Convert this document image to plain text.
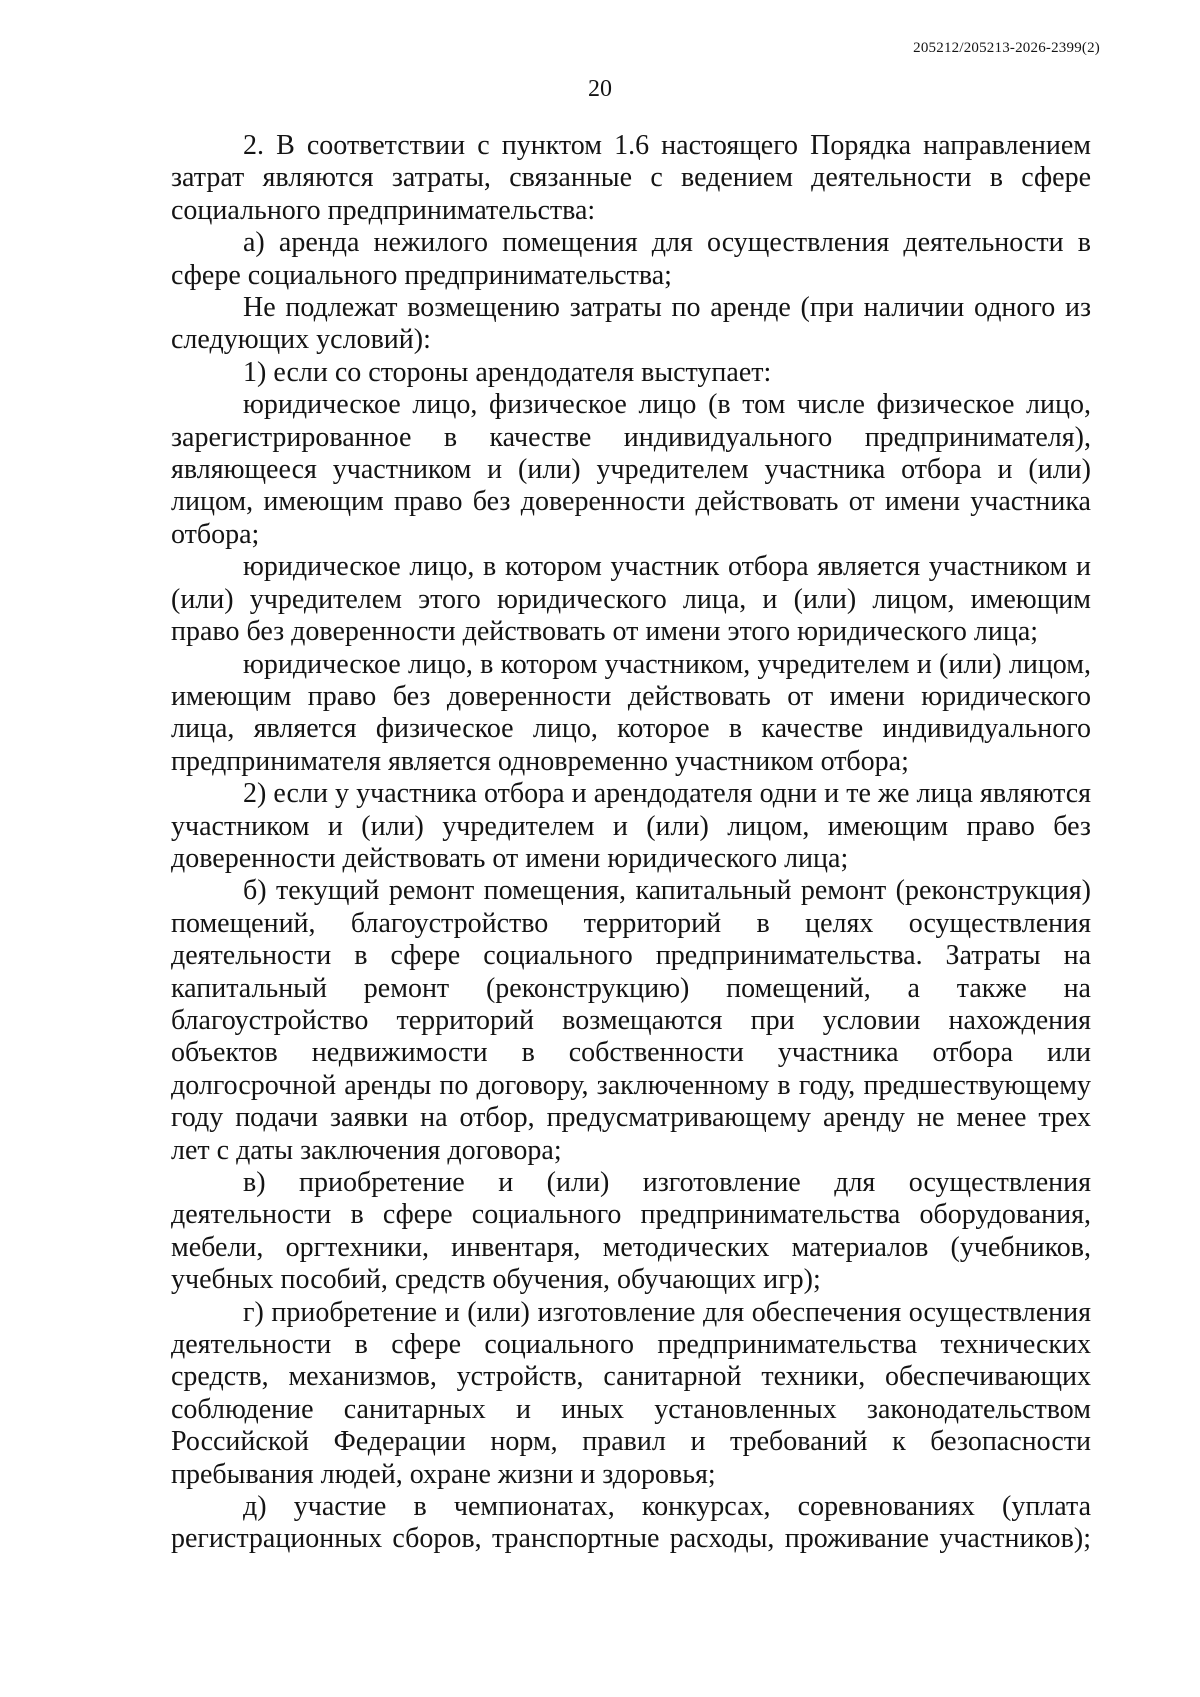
205212/205213-2026-2399(2)
20

2. В соответствии с пунктом 1.6 настоящего Порядка направлением затрат являются затраты, связанные с ведением деятельности в сфере социального предпринимательства:

а) аренда нежилого помещения для осуществления деятельности в сфере социального предпринимательства;

Не подлежат возмещению затраты по аренде (при наличии одного из следующих условий):

1) если со стороны арендодателя выступает:

юридическое лицо, физическое лицо (в том числе физическое лицо, зарегистрированное в качестве индивидуального предпринимателя), являющееся участником и (или) учредителем участника отбора и (или) лицом, имеющим право без доверенности действовать от имени участника отбора;

юридическое лицо, в котором участник отбора является участником и (или) учредителем этого юридического лица, и (или) лицом, имеющим право без доверенности действовать от имени этого юридического лица;

юридическое лицо, в котором участником, учредителем и (или) лицом, имеющим право без доверенности действовать от имени юридического лица, является физическое лицо, которое в качестве индивидуального предпринимателя является одновременно участником отбора;

2) если у участника отбора и арендодателя одни и те же лица являются участником и (или) учредителем и (или) лицом, имеющим право без доверенности действовать от имени юридического лица;

б) текущий ремонт помещения, капитальный ремонт (реконструкция) помещений, благоустройство территорий в целях осуществления деятельности в сфере социального предпринимательства. Затраты на капитальный ремонт (реконструкцию) помещений, а также на благоустройство территорий возмещаются при условии нахождения объектов недвижимости в собственности участника отбора или долгосрочной аренды по договору, заключенному в году, предшествующему году подачи заявки на отбор, предусматривающему аренду не менее трех лет с даты заключения договора;

в) приобретение и (или) изготовление для осуществления деятельности в сфере социального предпринимательства оборудования, мебели, оргтехники, инвентаря, методических материалов (учебников, учебных пособий, средств обучения, обучающих игр);

г) приобретение и (или) изготовление для обеспечения осуществления деятельности в сфере социального предпринимательства технических средств, механизмов, устройств, санитарной техники, обеспечивающих соблюдение санитарных и иных установленных законодательством Российской Федерации норм, правил и требований к безопасности пребывания людей, охране жизни и здоровья;

д) участие в чемпионатах, конкурсах, соревнованиях (уплата регистрационных сборов, транспортные расходы, проживание участников);
